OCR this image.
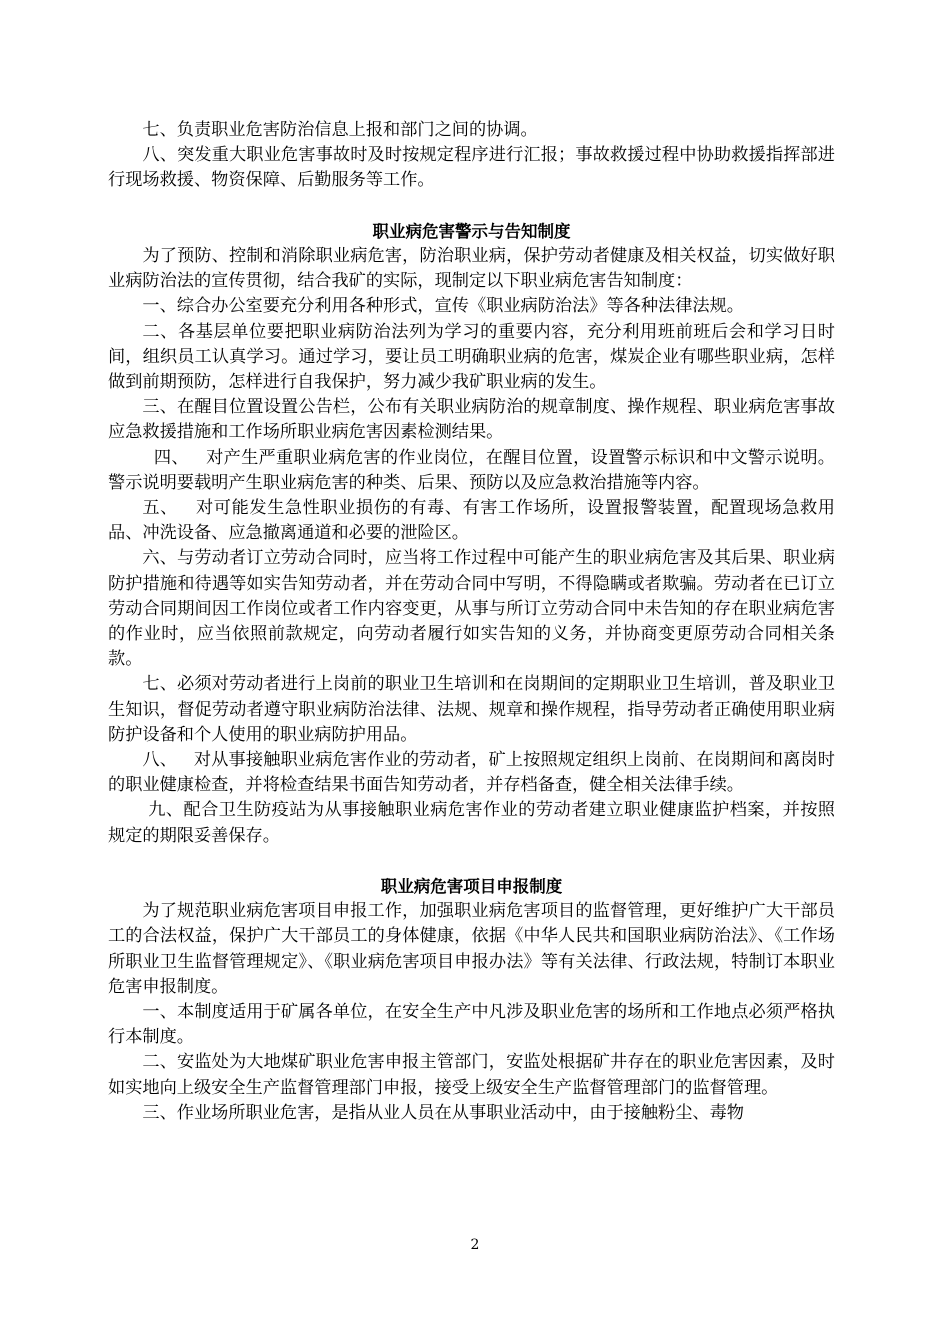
七、负责职业危害防治信息上报和部门之间的协调。

八、突发重大职业危害事故时及时按规定程序进行汇报；事故救援过程中协助救援指挥部进行现场救援、物资保障、后勤服务等工作。

职业病危害警示与告知制度

为了预防、控制和消除职业病危害，防治职业病，保护劳动者健康及相关权益，切实做好职业病防治法的宣传贯彻，结合我矿的实际，现制定以下职业病危害告知制度：

一、综合办公室要充分利用各种形式，宣传《职业病防治法》等各种法律法规。

二、各基层单位要把职业病防治法列为学习的重要内容，充分利用班前班后会和学习日时间，组织员工认真学习。通过学习，要让员工明确职业病的危害，煤炭企业有哪些职业病，怎样做到前期预防，怎样进行自我保护，努力减少我矿职业病的发生。

三、在醒目位置设置公告栏，公布有关职业病防治的规章制度、操作规程、职业病危害事故应急救援措施和工作场所职业病危害因素检测结果。

四、   对产生严重职业病危害的作业岗位，在醒目位置，设置警示标识和中文警示说明。警示说明要载明产生职业病危害的种类、后果、预防以及应急救治措施等内容。

五、   对可能发生急性职业损伤的有毒、有害工作场所，设置报警装置，配置现场急救用品、冲洗设备、应急撤离通道和必要的泄险区。

六、与劳动者订立劳动合同时，应当将工作过程中可能产生的职业病危害及其后果、职业病防护措施和待遇等如实告知劳动者，并在劳动合同中写明，不得隐瞒或者欺骗。劳动者在已订立劳动合同期间因工作岗位或者工作内容变更，从事与所订立劳动合同中未告知的存在职业病危害的作业时，应当依照前款规定，向劳动者履行如实告知的义务，并协商变更原劳动合同相关条款。

七、必须对劳动者进行上岗前的职业卫生培训和在岗期间的定期职业卫生培训，普及职业卫生知识，督促劳动者遵守职业病防治法律、法规、规章和操作规程，指导劳动者正确使用职业病防护设备和个人使用的职业病防护用品。

八、   对从事接触职业病危害作业的劳动者，矿上按照规定组织上岗前、在岗期间和离岗时的职业健康检查，并将检查结果书面告知劳动者，并存档备查，健全相关法律手续。

九、配合卫生防疫站为从事接触职业病危害作业的劳动者建立职业健康监护档案，并按照规定的期限妥善保存。

职业病危害项目申报制度

为了规范职业病危害项目申报工作，加强职业病危害项目的监督管理，更好维护广大干部员工的合法权益，保护广大干部员工的身体健康，依据《中华人民共和国职业病防治法》、《工作场所职业卫生监督管理规定》、《职业病危害项目申报办法》等有关法律、行政法规，特制订本职业危害申报制度。

一、本制度适用于矿属各单位，在安全生产中凡涉及职业危害的场所和工作地点必须严格执行本制度。

二、安监处为大地煤矿职业危害申报主管部门，安监处根据矿井存在的职业危害因素，及时如实地向上级安全生产监督管理部门申报，接受上级安全生产监督管理部门的监督管理。

三、作业场所职业危害，是指从业人员在从事职业活动中，由于接触粉尘、毒物

2
